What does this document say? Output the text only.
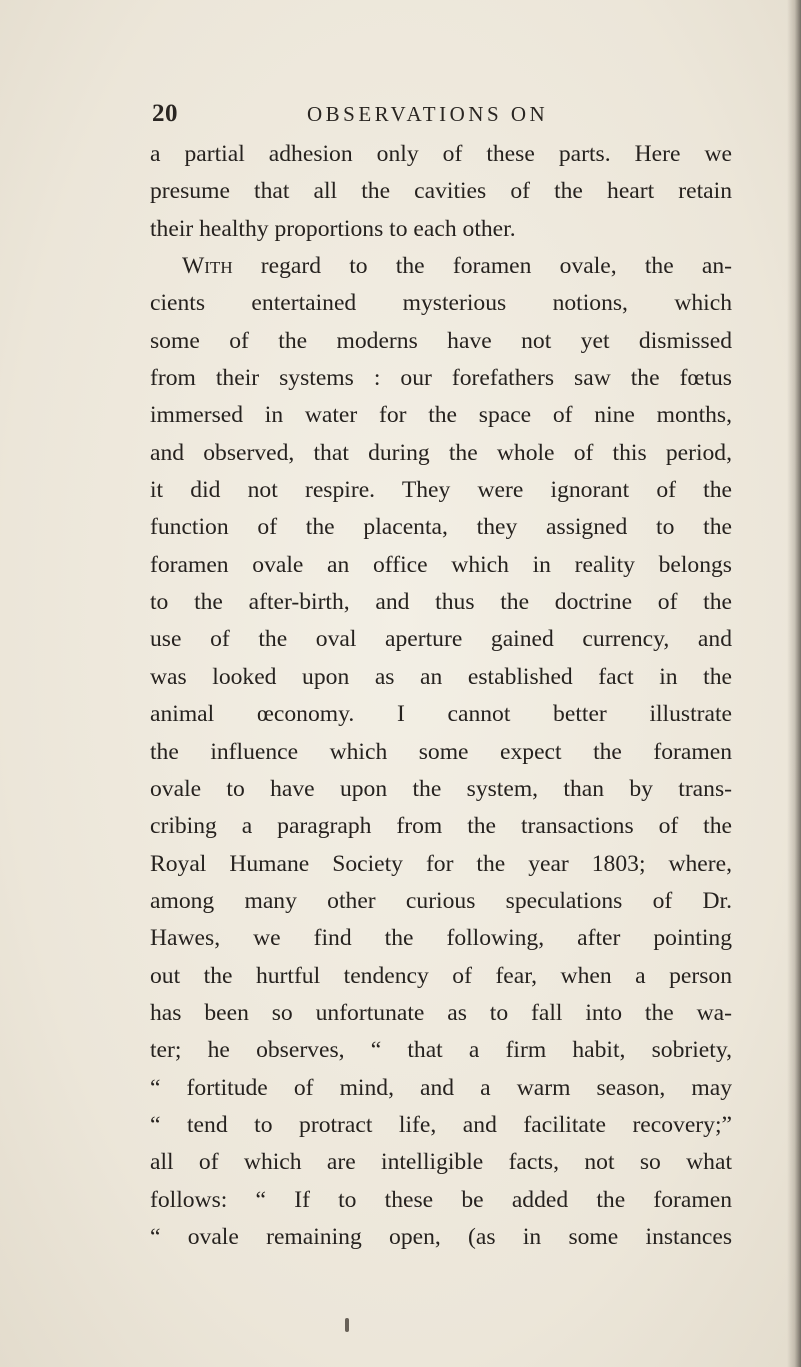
20	OBSERVATIONS ON
a partial adhesion only of these parts. Here we
presume that all the cavities of the heart retain
their healthy proportions to each other.
With regard to the foramen ovale, the an-
cients entertained mysterious notions, which
some of the moderns have not yet dismissed
from their systems : our forefathers saw the fœtus
immersed in water for the space of nine months,
and observed, that during the whole of this period,
it did not respire. They were ignorant of the
function of the placenta, they assigned to the
foramen ovale an office which in reality belongs
to the after-birth, and thus the doctrine of the
use of the oval aperture gained currency, and
was looked upon as an established fact in the
animal œconomy. I cannot better illustrate
the influence which some expect the foramen
ovale to have upon the system, than by trans-
cribing a paragraph from the transactions of the
Royal Humane Society for the year 1803; where,
among many other curious speculations of Dr.
Hawes, we find the following, after pointing
out the hurtful tendency of fear, when a person
has been so unfortunate as to fall into the wa-
ter; he observes, “ that a firm habit, sobriety,
“ fortitude of mind, and a warm season, may
“ tend to protract life, and facilitate recovery;”
all of which are intelligible facts, not so what
follows: “ If to these be added the foramen
“ ovale remaining open, (as in some instances
